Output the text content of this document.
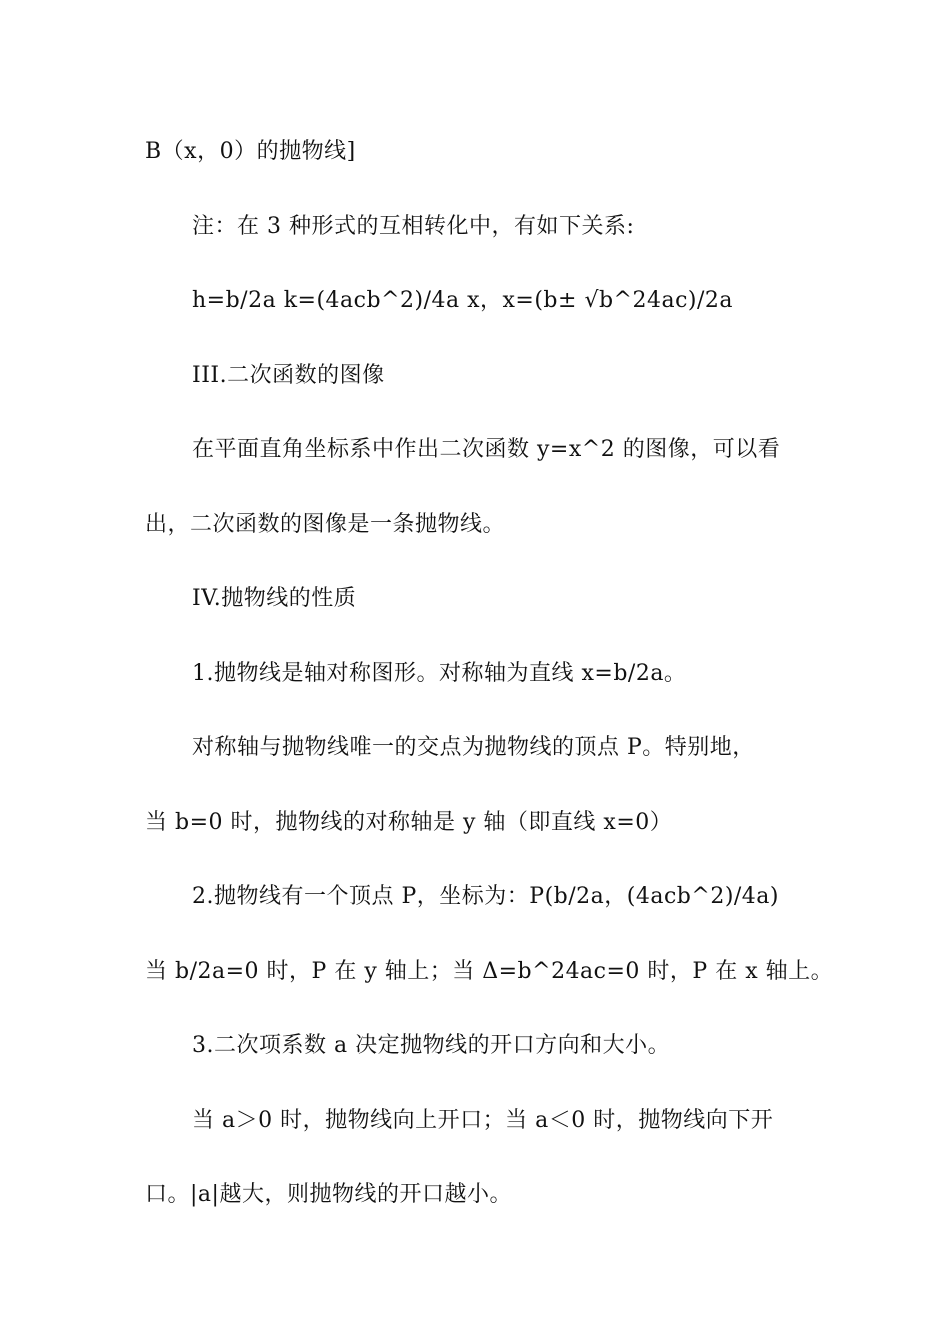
B（x，0）的抛物线]
注：在 3 种形式的互相转化中，有如下关系:
h=b/2a k=(4acb^2)/4a x，x=(b± √b^24ac)/2a
III.二次函数的图像
在平面直角坐标系中作出二次函数 y=x^2 的图像，可以看
出，二次函数的图像是一条抛物线。
IV.抛物线的性质
1.抛物线是轴对称图形。对称轴为直线 x=b/2a。
对称轴与抛物线唯一的交点为抛物线的顶点 P。特别地，
当 b=0 时，抛物线的对称轴是 y 轴（即直线 x=0）
2.抛物线有一个顶点 P，坐标为：P(b/2a，(4acb^2)/4a)
当 b/2a=0 时，P 在 y 轴上；当 Δ=b^24ac=0 时，P 在 x 轴上。
3.二次项系数 a 决定抛物线的开口方向和大小。
当 a＞0 时，抛物线向上开口；当 a＜0 时，抛物线向下开
口。|a|越大，则抛物线的开口越小。
